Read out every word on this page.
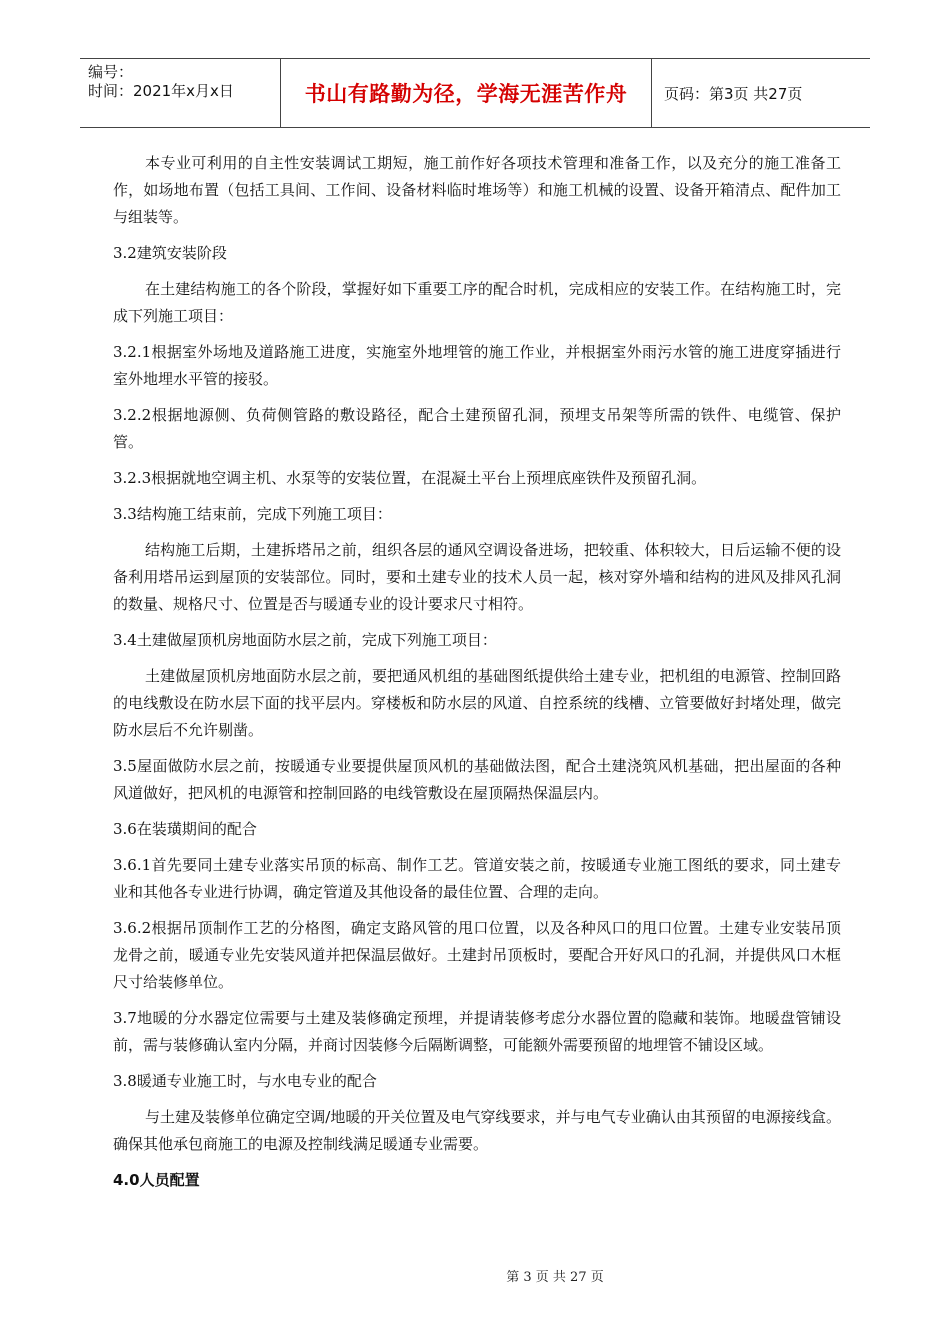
编号：
时间：2021年x月x日	书山有路勤为径，学海无涯苦作舟	页码：第3页 共27页

本专业可利用的自主性安装调试工期短，施工前作好各项技术管理和准备工作，以及充分的施工准备工作，如场地布置（包括工具间、工作间、设备材料临时堆场等）和施工机械的设置、设备开箱清点、配件加工与组装等。

3.2建筑安装阶段

在土建结构施工的各个阶段，掌握好如下重要工序的配合时机，完成相应的安装工作。在结构施工时，完成下列施工项目：

3.2.1根据室外场地及道路施工进度，实施室外地埋管的施工作业，并根据室外雨污水管的施工进度穿插进行室外地埋水平管的接驳。

3.2.2根据地源侧、负荷侧管路的敷设路径，配合土建预留孔洞，预埋支吊架等所需的铁件、电缆管、保护管。

3.2.3根据就地空调主机、水泵等的安装位置，在混凝土平台上预埋底座铁件及预留孔洞。

3.3结构施工结束前，完成下列施工项目：

结构施工后期，土建拆塔吊之前，组织各层的通风空调设备进场，把较重、体积较大，日后运输不便的设备利用塔吊运到屋顶的安装部位。同时，要和土建专业的技术人员一起，核对穿外墙和结构的进风及排风孔洞的数量、规格尺寸、位置是否与暖通专业的设计要求尺寸相符。

3.4土建做屋顶机房地面防水层之前，完成下列施工项目：

土建做屋顶机房地面防水层之前，要把通风机组的基础图纸提供给土建专业，把机组的电源管、控制回路的电线敷设在防水层下面的找平层内。穿楼板和防水层的风道、自控系统的线槽、立管要做好封堵处理，做完防水层后不允许剔凿。

3.5屋面做防水层之前，按暖通专业要提供屋顶风机的基础做法图，配合土建浇筑风机基础，把出屋面的各种风道做好，把风机的电源管和控制回路的电线管敷设在屋顶隔热保温层内。

3.6在装璜期间的配合

3.6.1首先要同土建专业落实吊顶的标高、制作工艺。管道安装之前，按暖通专业施工图纸的要求，同土建专业和其他各专业进行协调，确定管道及其他设备的最佳位置、合理的走向。

3.6.2根据吊顶制作工艺的分格图，确定支路风管的甩口位置，以及各种风口的甩口位置。土建专业安装吊顶龙骨之前，暖通专业先安装风道并把保温层做好。土建封吊顶板时，要配合开好风口的孔洞，并提供风口木框尺寸给装修单位。

3.7地暖的分水器定位需要与土建及装修确定预埋，并提请装修考虑分水器位置的隐藏和装饰。地暖盘管铺设前，需与装修确认室内分隔，并商讨因装修今后隔断调整，可能额外需要预留的地埋管不铺设区域。

3.8暖通专业施工时，与水电专业的配合

与土建及装修单位确定空调/地暖的开关位置及电气穿线要求，并与电气专业确认由其预留的电源接线盒。确保其他承包商施工的电源及控制线满足暖通专业需要。

4.0人员配置

第 3 页 共 27 页
